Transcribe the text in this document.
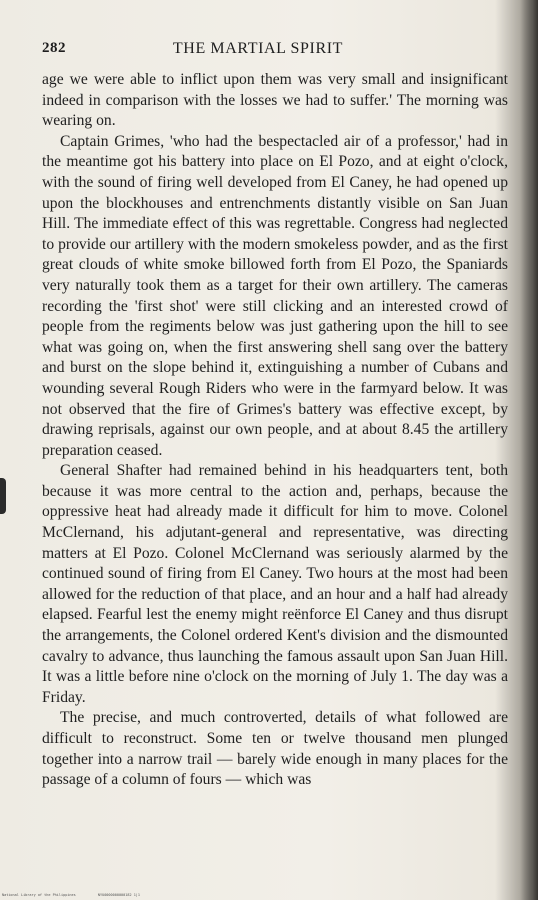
282	THE MARTIAL SPIRIT

age we were able to inflict upon them was very small and insignificant indeed in comparison with the losses we had to suffer.' The morning was wearing on.

Captain Grimes, 'who had the bespectacled air of a professor,' had in the meantime got his battery into place on El Pozo, and at eight o'clock, with the sound of firing well developed from El Caney, he had opened up upon the blockhouses and entrenchments distantly visible on San Juan Hill. The immediate effect of this was regrettable. Congress had neglected to provide our artillery with the modern smokeless powder, and as the first great clouds of white smoke billowed forth from El Pozo, the Spaniards very naturally took them as a target for their own artillery. The cameras recording the 'first shot' were still clicking and an interested crowd of people from the regiments below was just gathering upon the hill to see what was going on, when the first answering shell sang over the battery and burst on the slope behind it, extinguishing a number of Cubans and wounding several Rough Riders who were in the farmyard below. It was not observed that the fire of Grimes's battery was effective except, by drawing reprisals, against our own people, and at about 8.45 the artillery preparation ceased.

General Shafter had remained behind in his headquarters tent, both because it was more central to the action and, perhaps, because the oppressive heat had already made it difficult for him to move. Colonel McClernand, his adjutant-general and representative, was directing matters at El Pozo. Colonel McClernand was seriously alarmed by the continued sound of firing from El Caney. Two hours at the most had been allowed for the reduction of that place, and an hour and a half had already elapsed. Fearful lest the enemy might reënforce El Caney and thus disrupt the arrangements, the Colonel ordered Kent's division and the dismounted cavalry to advance, thus launching the famous assault upon San Juan Hill. It was a little before nine o'clock on the morning of July 1. The day was a Friday.

The precise, and much controverted, details of what followed are difficult to reconstruct. Some ten or twelve thousand men plunged together into a narrow trail — barely wide enough in many places for the passage of a column of fours — which was

National Library of the Philippines	NYU0000000000182 1|1
